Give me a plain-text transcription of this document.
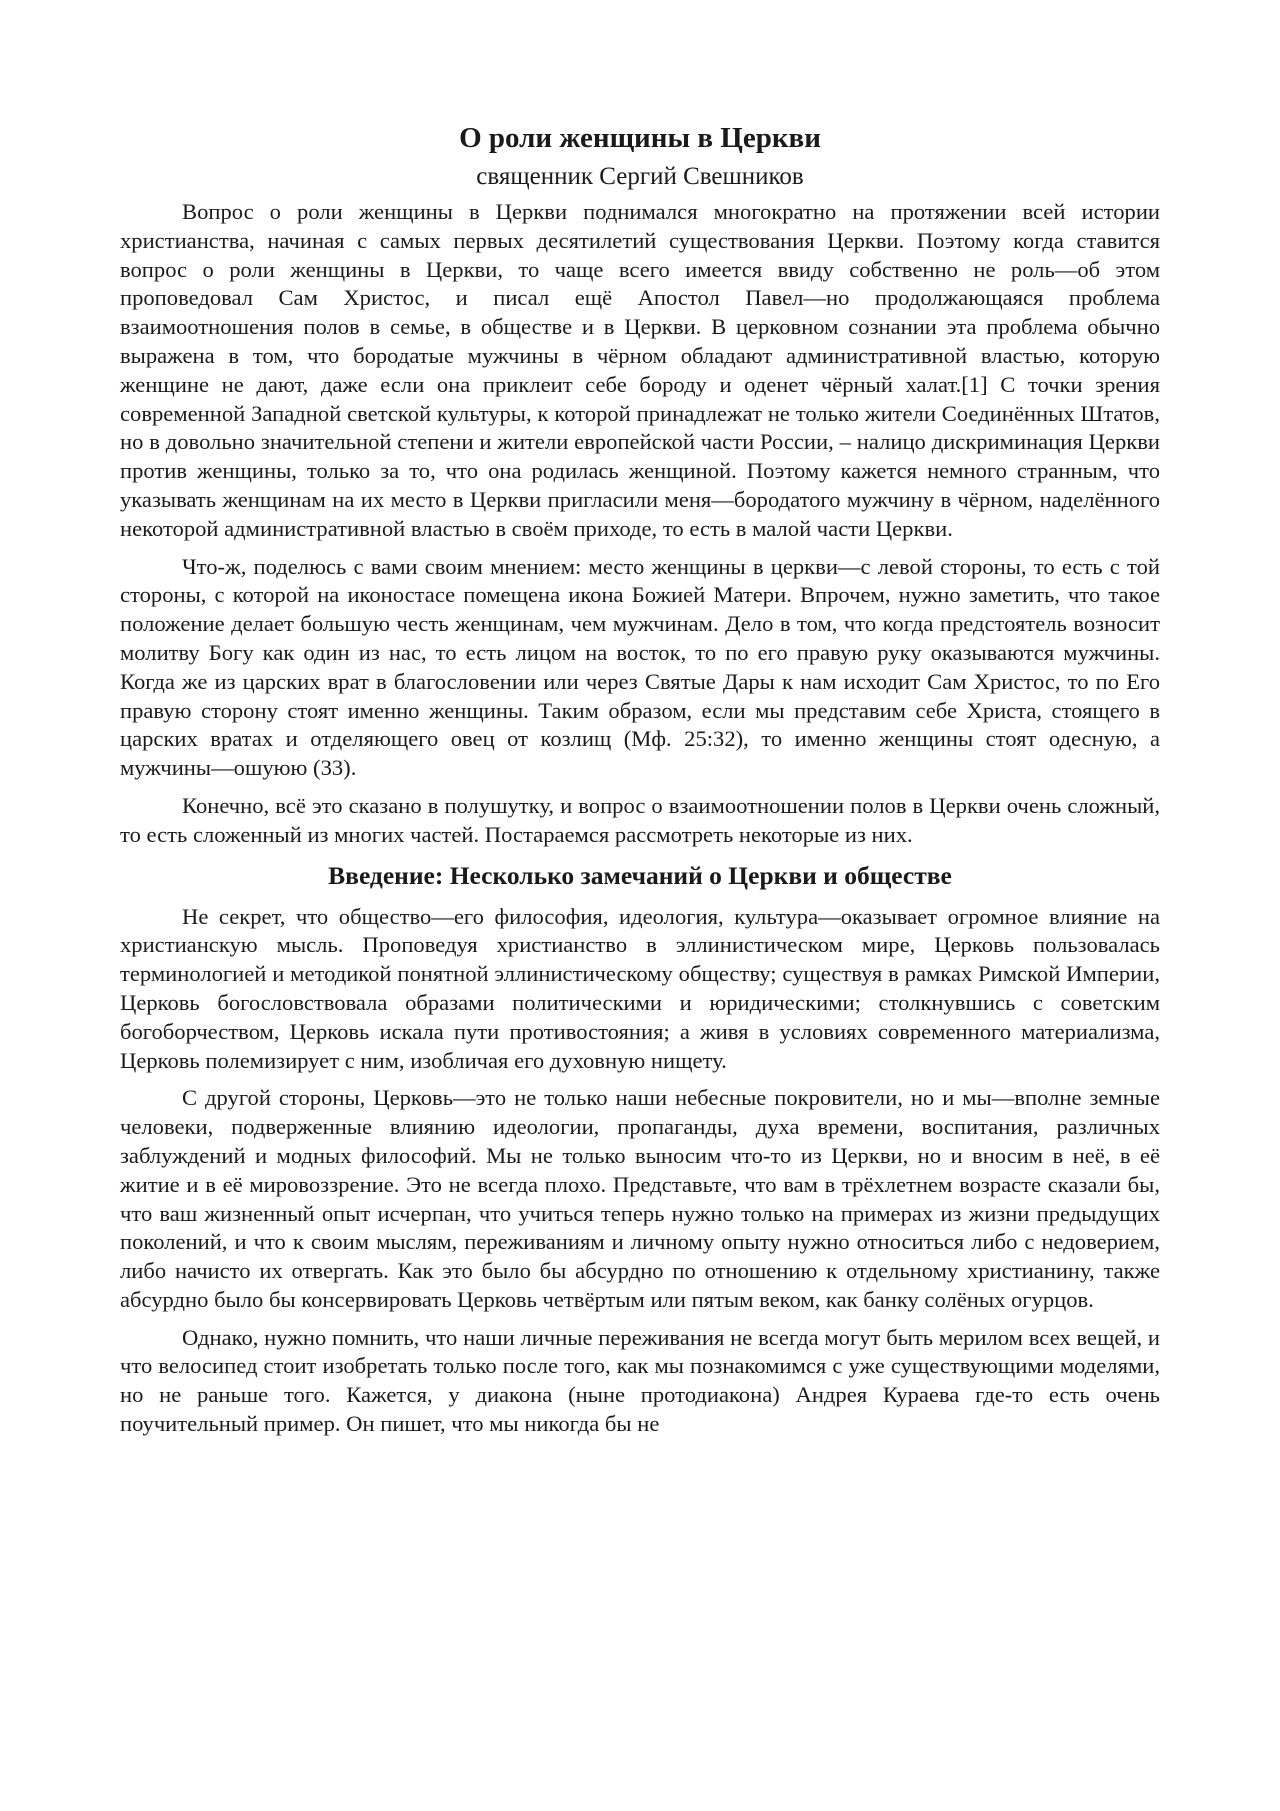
О роли женщины в Церкви

священник Сергий Свешников

Вопрос о роли женщины в Церкви поднимался многократно на протяжении всей истории христианства, начиная с самых первых десятилетий существования Церкви. Поэтому когда ставится вопрос о роли женщины в Церкви, то чаще всего имеется ввиду собственно не роль—об этом проповедовал Сам Христос, и писал ещё Апостол Павел—но продолжающаяся проблема взаимоотношения полов в семье, в обществе и в Церкви. В церковном сознании эта проблема обычно выражена в том, что бородатые мужчины в чёрном обладают административной властью, которую женщине не дают, даже если она приклеит себе бороду и оденет чёрный халат.[1] С точки зрения современной Западной светской культуры, к которой принадлежат не только жители Соединённых Штатов, но в довольно значительной степени и жители европейской части России, – налицо дискриминация Церкви против женщины, только за то, что она родилась женщиной. Поэтому кажется немного странным, что указывать женщинам на их место в Церкви пригласили меня—бородатого мужчину в чёрном, наделённого некоторой административной властью в своём приходе, то есть в малой части Церкви.

Что-ж, поделюсь с вами своим мнением: место женщины в церкви—с левой стороны, то есть с той стороны, с которой на иконостасе помещена икона Божией Матери. Впрочем, нужно заметить, что такое положение делает большую честь женщинам, чем мужчинам. Дело в том, что когда предстоятель возносит молитву Богу как один из нас, то есть лицом на восток, то по его правую руку оказываются мужчины. Когда же из царских врат в благословении или через Святые Дары к нам исходит Сам Христос, то по Его правую сторону стоят именно женщины. Таким образом, если мы представим себе Христа, стоящего в царских вратах и отделяющего овец от козлищ (Мф. 25:32), то именно женщины стоят одесную, а мужчины—ошуюю (33).

Конечно, всё это сказано в полушутку, и вопрос о взаимоотношении полов в Церкви очень сложный, то есть сложенный из многих частей. Постараемся рассмотреть некоторые из них.

Введение: Несколько замечаний о Церкви и обществе

Не секрет, что общество—его философия, идеология, культура—оказывает огромное влияние на христианскую мысль. Проповедуя христианство в эллинистическом мире, Церковь пользовалась терминологией и методикой понятной эллинистическому обществу; существуя в рамках Римской Империи, Церковь богословствовала образами политическими и юридическими; столкнувшись с советским богоборчеством, Церковь искала пути противостояния; а живя в условиях современного материализма, Церковь полемизирует с ним, изобличая его духовную нищету.

С другой стороны, Церковь—это не только наши небесные покровители, но и мы—вполне земные человеки, подверженные влиянию идеологии, пропаганды, духа времени, воспитания, различных заблуждений и модных философий. Мы не только выносим что-то из Церкви, но и вносим в неё, в её житие и в её мировоззрение. Это не всегда плохо. Представьте, что вам в трёхлетнем возрасте сказали бы, что ваш жизненный опыт исчерпан, что учиться теперь нужно только на примерах из жизни предыдущих поколений, и что к своим мыслям, переживаниям и личному опыту нужно относиться либо с недоверием, либо начисто их отвергать. Как это было бы абсурдно по отношению к отдельному христианину, также абсурдно было бы консервировать Церковь четвёртым или пятым веком, как банку солёных огурцов.

Однако, нужно помнить, что наши личные переживания не всегда могут быть мерилом всех вещей, и что велосипед стоит изобретать только после того, как мы познакомимся с уже существующими моделями, но не раньше того. Кажется, у диакона (ныне протодиакона) Андрея Кураева где-то есть очень поучительный пример. Он пишет, что мы никогда бы не
